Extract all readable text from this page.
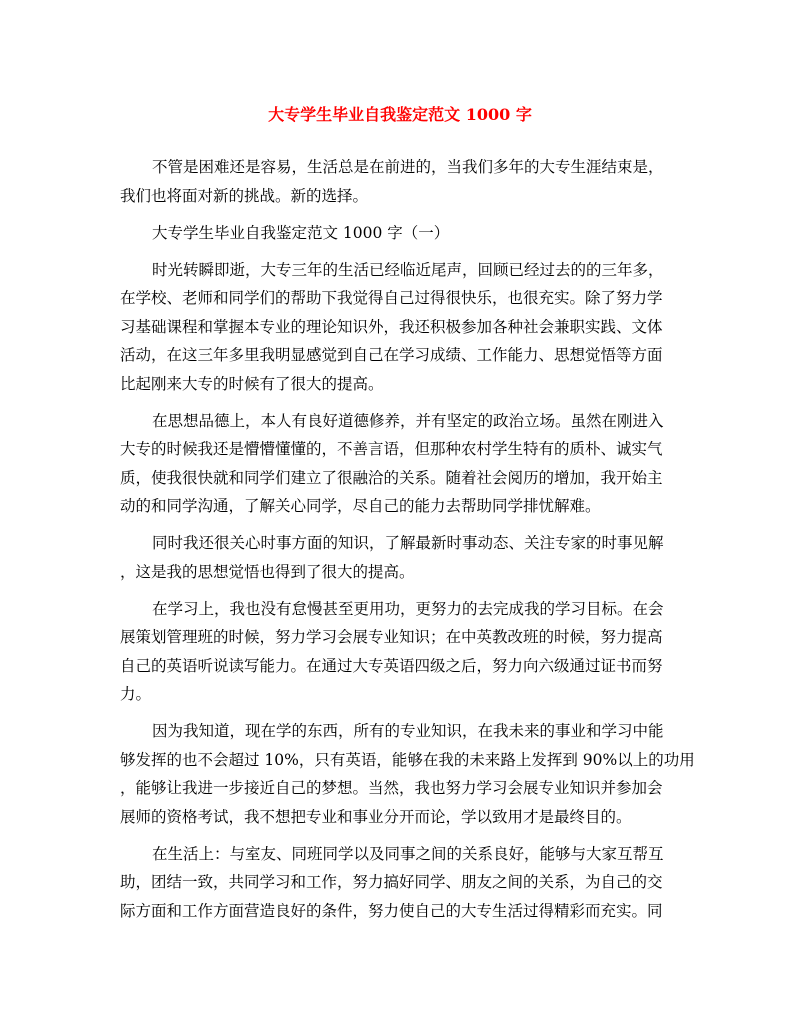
大专学生毕业自我鉴定范文 1000 字

不管是困难还是容易，生活总是在前进的，当我们多年的大专生涯结束是，
我们也将面对新的挑战。新的选择。

大专学生毕业自我鉴定范文 1000 字（一）

时光转瞬即逝，大专三年的生活已经临近尾声，回顾已经过去的的三年多，
在学校、老师和同学们的帮助下我觉得自己过得很快乐，也很充实。除了努力学
习基础课程和掌握本专业的理论知识外，我还积极参加各种社会兼职实践、文体
活动，在这三年多里我明显感觉到自己在学习成绩、工作能力、思想觉悟等方面
比起刚来大专的时候有了很大的提高。

在思想品德上，本人有良好道德修养，并有坚定的政治立场。虽然在刚进入
大专的时候我还是懵懵懂懂的，不善言语，但那种农村学生特有的质朴、诚实气
质，使我很快就和同学们建立了很融洽的关系。随着社会阅历的增加，我开始主
动的和同学沟通，了解关心同学，尽自己的能力去帮助同学排忧解难。

同时我还很关心时事方面的知识，了解最新时事动态、关注专家的时事见解
，这是我的思想觉悟也得到了很大的提高。

在学习上，我也没有怠慢甚至更用功，更努力的去完成我的学习目标。在会
展策划管理班的时候，努力学习会展专业知识；在中英教改班的时候，努力提高
自己的英语听说读写能力。在通过大专英语四级之后，努力向六级通过证书而努
力。

因为我知道，现在学的东西，所有的专业知识，在我未来的事业和学习中能
够发挥的也不会超过 10%，只有英语，能够在我的未来路上发挥到 90%以上的功用
，能够让我进一步接近自己的梦想。当然，我也努力学习会展专业知识并参加会
展师的资格考试，我不想把专业和事业分开而论，学以致用才是最终目的。

在生活上：与室友、同班同学以及同事之间的关系良好，能够与大家互帮互
助，团结一致，共同学习和工作，努力搞好同学、朋友之间的关系，为自己的交
际方面和工作方面营造良好的条件，努力使自己的大专生活过得精彩而充实。同
